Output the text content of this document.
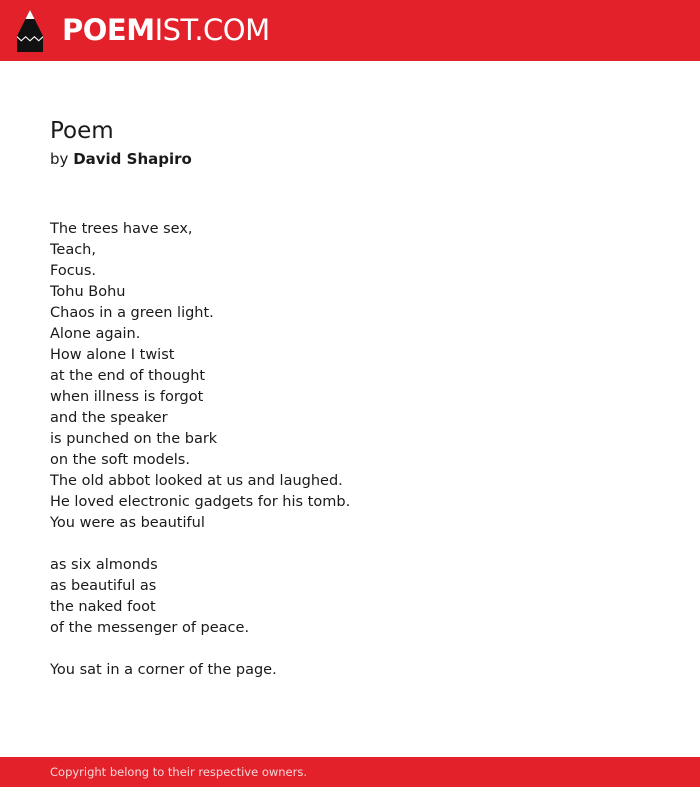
POEMIST.COM
Poem
by David Shapiro
The trees have sex,
Teach,
Focus.
Tohu Bohu
Chaos in a green light.
Alone again.
How alone I twist
at the end of thought
when illness is forgot
and the speaker
is punched on the bark
on the soft models.
The old abbot looked at us and laughed.
He loved electronic gadgets for his tomb.
You were as beautiful
as six almonds
as beautiful as
the naked foot
of the messenger of peace.
You sat in a corner of the page.
Copyright belong to their respective owners.
